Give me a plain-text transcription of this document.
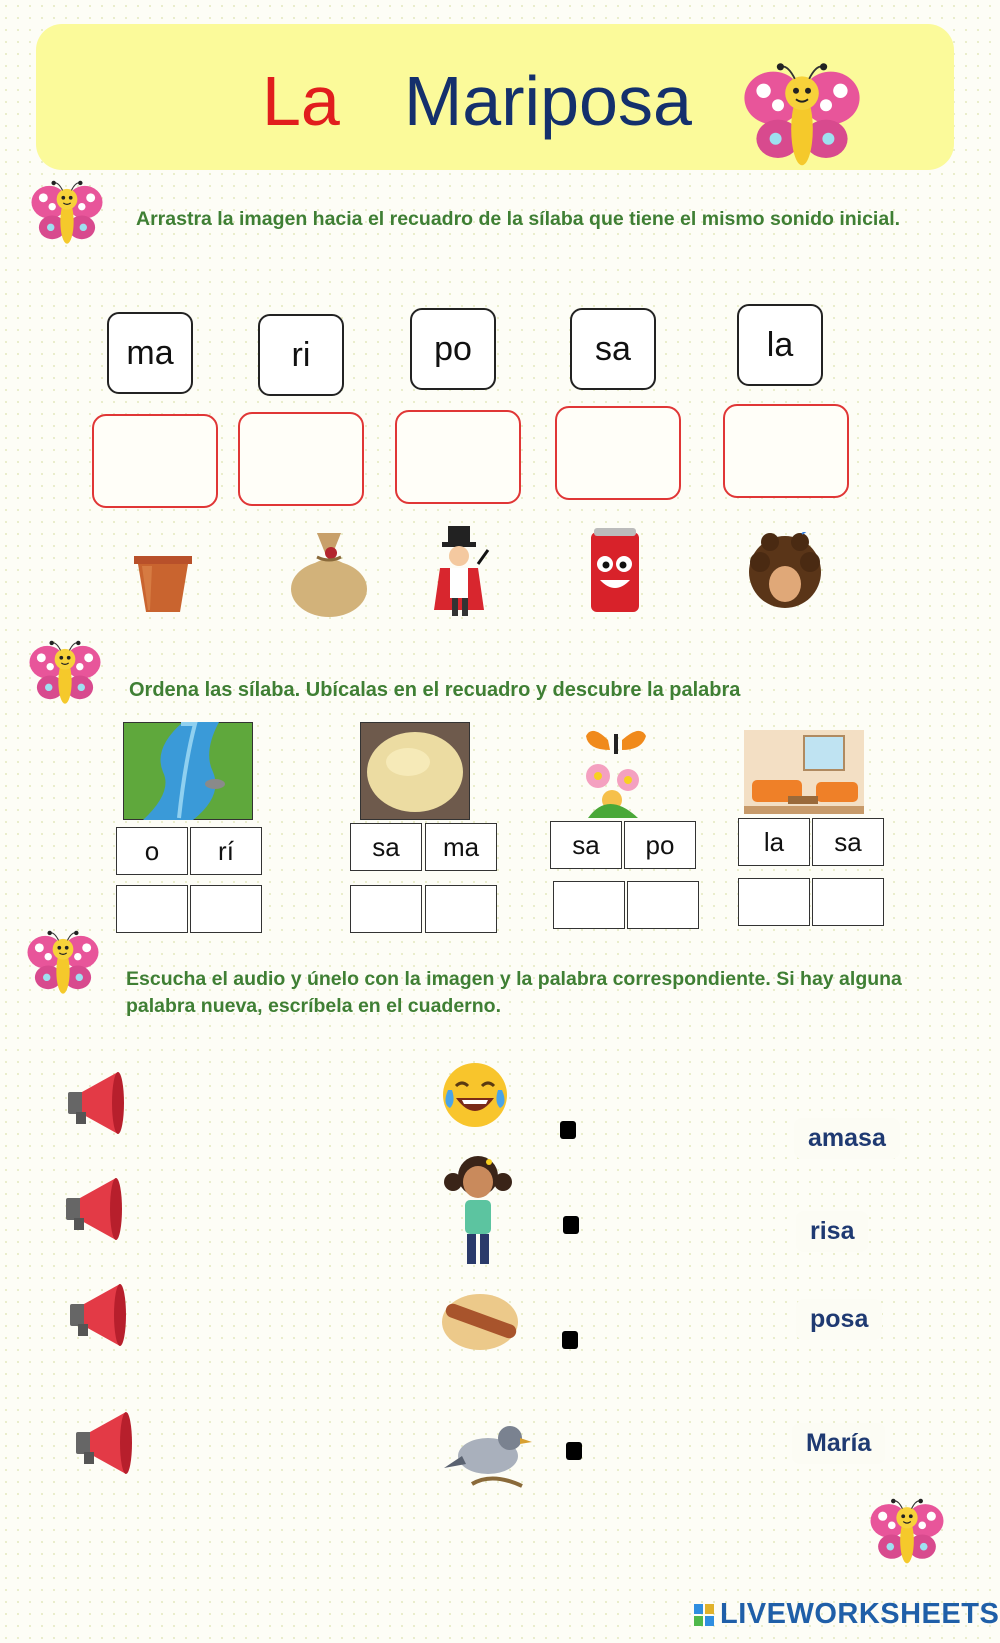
La Mariposa
Arrastra la imagen hacia el recuadro de la sílaba que tiene el mismo sonido inicial.
ma	ri	po	sa	la
Ordena las sílaba. Ubícalas en el recuadro y descubre la palabra
o	rí	sa	ma	sa	po	la	sa
Escucha el audio y únelo con la imagen y la palabra correspondiente. Si hay alguna
palabra nueva, escríbela en el cuaderno.
amasa
risa
posa
María
LIVEWORKSHEETS
